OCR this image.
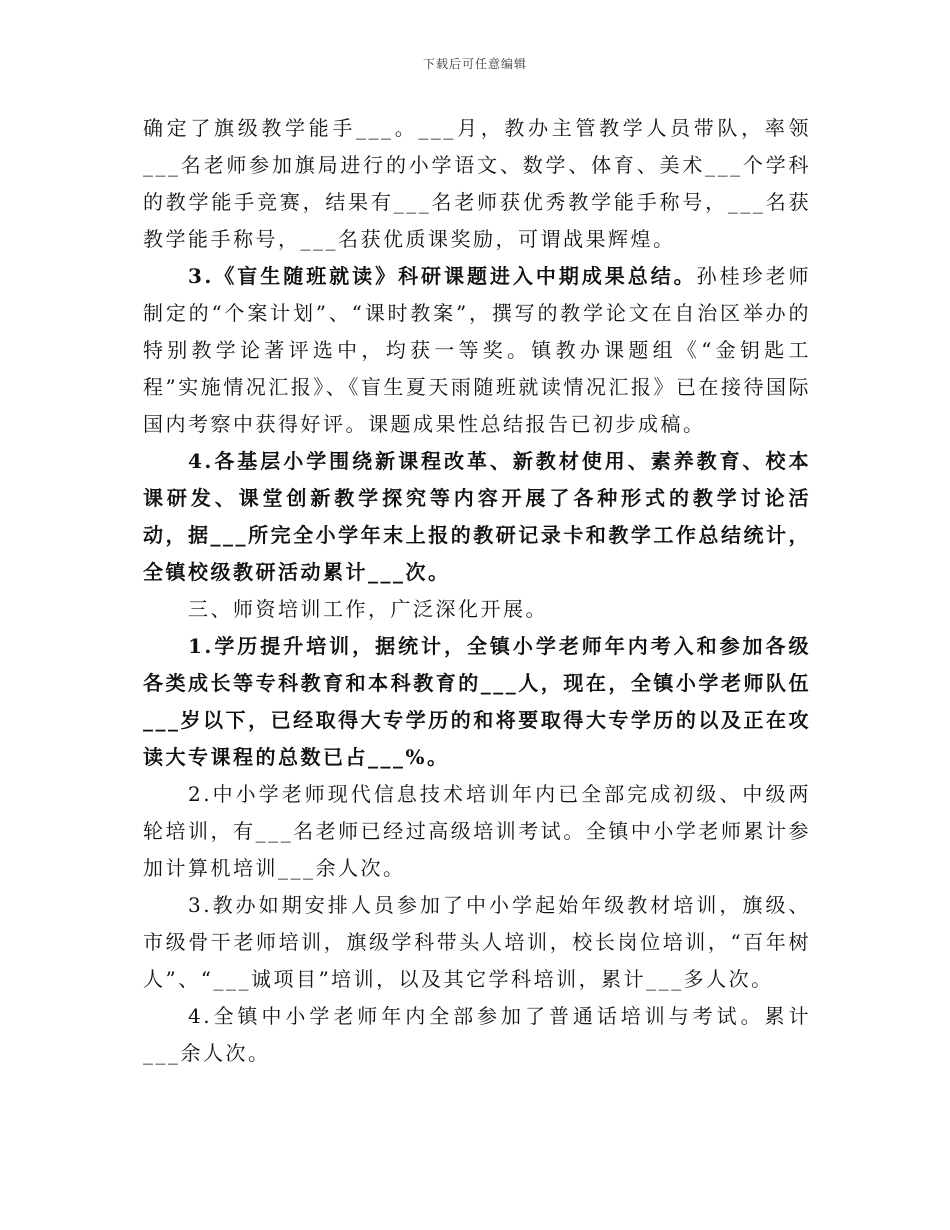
下载后可任意编辑

确定了旗级教学能手___。___月，教办主管教学人员带队，率领___名老师参加旗局进行的小学语文、数学、体育、美术___个学科的教学能手竞赛，结果有___名老师获优秀教学能手称号，___名获教学能手称号，___名获优质课奖励，可谓战果辉煌。

3.《盲生随班就读》科研课题进入中期成果总结。孙桂珍老师制定的“个案计划”、“课时教案”，撰写的教学论文在自治区举办的特别教学论著评选中，均获一等奖。镇教办课题组《“金钥匙工程”实施情况汇报》、《盲生夏天雨随班就读情况汇报》已在接待国际国内考察中获得好评。课题成果性总结报告已初步成稿。

4.各基层小学围绕新课程改革、新教材使用、素养教育、校本课研发、课堂创新教学探究等内容开展了各种形式的教学讨论活动，据___所完全小学年末上报的教研记录卡和教学工作总结统计，全镇校级教研活动累计___次。

三、师资培训工作，广泛深化开展。

1.学历提升培训，据统计，全镇小学老师年内考入和参加各级各类成长等专科教育和本科教育的___人，现在，全镇小学老师队伍___岁以下，已经取得大专学历的和将要取得大专学历的以及正在攻读大专课程的总数已占___%。

2.中小学老师现代信息技术培训年内已全部完成初级、中级两轮培训，有___名老师已经过高级培训考试。全镇中小学老师累计参加计算机培训___余人次。

3.教办如期安排人员参加了中小学起始年级教材培训，旗级、市级骨干老师培训，旗级学科带头人培训，校长岗位培训，“百年树人”、“___诚项目”培训，以及其它学科培训，累计___多人次。

4.全镇中小学老师年内全部参加了普通话培训与考试。累计___余人次。
